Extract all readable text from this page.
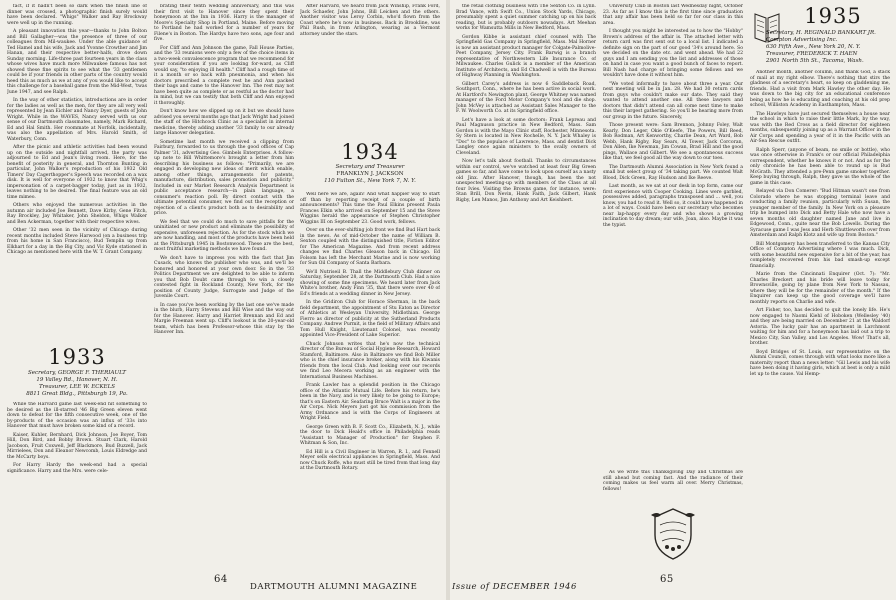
fact, if it hadn't been so dark when the finish line of dinner was crossed, a photographic finish surely would have been declared. "Whigs" Walker and Ray Brockway were well up in the running.

A pleasant innovation this year—thanks to John Bolton and Bill Gallagher—was the presence of three of our colleagues from Mil-waukee. Under the able guidance of Ted Hamel and his wife, Jack and Yvonne Crowther and Jim Hanan, and their respective better-halfs, drove down Sunday morning. Life-three past fourteen years in the class whose wives have much more Milwaukee famous has not showed these fine spirits to see what the '33 gentlemen could be if your friends in other parts of the country would heed this as much as we at any of you would like to accept this challenge for a baseball game from the Mid-West, 'twas June 1947, and see Ralph.

In the way of other statistics, introductions are in order for the ladies as well as the men, for they are all very well represented by Jean Eichler and Nancy Dyer, guests of John Wright. While in the WAVES, Nancy served with us our sense of our Dartmouth classmates, namely, Mark Richard, Ed and Hal Smith. Her roommate at Norfolk, incidentally, was also the appellation of Mrs. Harold Smith, of Waterbury, Conn.

After the picnic and athletic activities had been wound up on the outside and nightfall arrived, the party was adjourned to Ed and Jean's living room. Here, for the benefit of posterity in general, and Thornton Bunting in particular, John Walker's reproduction of his 1932 Old Timers' Day Cagerthopper's Speech was recorded on a wax disk. It is well for everyone of 1932 to know that Whig's impersonation of a carpet-bagger today, just as in 1932, leaves nothing to be desired. The final feature was an old time mimeo.

Others who enjoyed the numerous activities in the autumn air included Joe Bennett, Dave Kirby, Gene Fitch, Ray Brockley, Jay Whitaker, John Sheldon, Whigs Walker and Ben Ackerman, together with their respective wives.

Other '32 men seen in the vicinity of Chicago during recent months included Steve Harwood (on a business trip from his home in San Francisco), Bud Templin up from Elkhart for a day in the Big City, and Vic Kyde stationed in Chicago as mentioned here with the W. T. Grant Company.

1933
Secretary, GEORGE F. THERIAULT
19 Valley Rd., Hanover, N. H.
Treasurer, LEE W. ECKELS
8811 Great Bldg., Pittsburgh 19, Pa.

While the Harvard game last week-end hit something to be desired as the ill-starred '46 Big Green eleven went down to defeat for the fifth consecutive week, one of the by-products of the occasion was an influx of '33s into Hanover that must have broken some kind of a record.

Kaiser, Kuhler, Bernhard, Dick Johnson, Joe Boyer, Tom Hill, Don Bird, and Bobby Brown. Stuart Clark, Harold Jacobson, Fruit Coxwell, Jeff Blackmore, Bud Buzzell, Jack Mirrielees, Don and Eleanor Newcomb, Louis Eldredge and the McCarty boys.

For Harry Hardy the week-end had a special significance. Harry and the Mrs. were cele-

brating their tenth wedding anniversary, and this was their first visit to Hanover since they spent their honeymoon at the Inn in 1936. Harry is the manager of Moore's Specialty Shop in Portland, Maine. Before moving to Portland he had worked for a number of years for Filene's in Boston. The Hardys have two sons, age four and five.

For Cliff and Ann Johnson the game, Fall House Parties, and the '33 reunions were only a few of the choice items in a two-week convalescence program that we recommend for your consideration if you are looking for-ward, as Cliff would say, "to enjoying ill health." Cliff had a rough time of it a month or so back with pneumonia, and when his doctors prescribed a complete rest he and Ann packed their bags and came to the Hanover Inn. The rest may not have been quite as complete or as restful as the doctor had in mind, but we can testify that both Cliff and Ann enjoyed it thoroughly.

Don't know how we slipped up on it but we should have advised you several months ago that Jack Wright had joined the staff of the Hitchcock Clinic as a specialist in internal medicine, thereby adding another '33 family to our already large Hanover delegation.

Sometime last month we received a clipping from Fairbury, forwarded to us through the good offices of Cap Palmer '31, advertising Geo. Gimbels Enterprises. A follow-up note to Bill Whittemore's brought a letter from him describing his business as follows: "Primarily, we are engaged in developing new ideas of merit which enable, among other things, arrangements for patents, manufacture, distribution, sales promotion and publicity." Included in our Market Research Analysis Department is public acceptance research—in plain language, a consumer's reaction poll. By direct contact with the ultimate potential consumer, we find out the reception or rejection of a client's product both as to desirability and price.

We feel that we could do much to save pitfalls for the uninitiated or new product and eliminate the possibility of expensive, unforeseen rejection. As for the stock which we are now handling, and most of the products have been held at the Pittsburgh 1945 in Bostonwood. These are the best, most fruitful marketing methods we have found.

We don't have to impress you with the fact that Jim Cusack, who knows the publisher who was, and we'll be honored and honored at your own door. So in the '33 Politics Department we are delighted to be able to inform you that Bob Doubt came through to win a closely contested fight in Rockland County, New York, for the position of County Judge, Surrogate and Judge of the Juvenile Court.

In case you've been working by the last one we've made in the blurb, Harry Stevens and Bill Wise and the way out for the Hanover. Harry and Harriet Brennan and Ed and Margie Freeman went up. Cliff's lookout is the 20-year-old team, which has been Professor-whose this stay by the Hanover Inn.

1934
Secretary and Treasurer
FRANKLYN J. JACKSON
110 Fulton St., New York 7, N. Y.

After Harvard, we heard from Jack Winship, Frank Ford, Jack Schaefer, John Johns, Bill Leicken and the others. Another visitor was Leroy Corbin, who'd flown from the Coast where he's now in business. Back in Brookline, was Phil Rush, in from Arlington, wearing as a Vermont attorney under the stars.

Well here we are, again! And what happier way to start off than by reporting receipt of a couple of birth announcements? This time the Paul Elkins present Paula Frances Elkin who arrived on September 15 and the Steve Wiggins herald the appearance of Stephen Christopher Wiggins III on September 23. Good work, fellows.

Over on the ever-shifting job front we find Bud Hart back in the news. As of mid-October the name of William B. Sexton coupled with the distinguished title, Fiction Editor for The American Magazine. And from recent address changes we find Charles Gleason back in Chicago. Ed Folsom has left the Merchant Marine and is now working for Sun Oil Company of Santa Barbara.

We'll Nutriseil B. Thall the Middlebury Club dinner on Saturday, September 28, at the Dartmouth Club. Had a nice showing of some fine specimens. We heard later from Jack White's brother, Andy Finn '35, that there were over 40 of Ed's friends at a wedding dinner in New Jersey.

In the Gridiron Club for Horace Sherman, in the back field department, the appointment of Stu Eaton as Director of Athletics at Wesleyan University, Midlothian. George Fierro as director of publicity at the Sutherland Products Company. Andrew Purmit, is the field of Military Affairs and Tom Hull Knight, Lieutenant Colonel, was recently appointed Vice-President of Lake Superior.

Chuck Johnson writes that he's now the technical director of the Bureau of Social Hygiene Research, Howard Stamford, Baltimore. Also in Baltimore we find Bob Miller who is the chief insurance broker, along with his Kiwanis friends from the local Club. And looking over our records we find Leo Mecera working as an engineer with the International Business Machines.

Frank Lawler has a splendid position in the Chicago office of the Atlantic Mutual Life. Before his return, he's been in the Navy, and is very likely to be going to Europe; that's on Eastern Air. Seafaring Bruce Walt is a major in the Air Corps. Nick Meyers just got his commission from the Army Ordnance and is with the Corps of Engineers at Wright Field.

George Green with B. F. Scott Co., Elizabeth, N. J., while the door to Dick Heald's office in Philadelphia reads "Assistant to Manager of Production" for Stephen F. Whitman & Son, Inc.

Ed Hill is a Civil Engineer in Warren, R. I., and Fennell Meyer sells electrical appliances in Springfield, Mass. And now Chuck Roffe, who must still be tired from that long day at the Dartmouth Rotary.

64
DARTMOUTH ALUMNI MAGAZINE

the retail clothing business with The Sexton Co. in Lynn. Brad Vance, with Swift Co., Union Stock Yards, Chicago, presumably spent a quiet summer catching up on his back reading, but is probably outdoors nowadays. Art Meehan works for Wamsutta Mills in New Bedford, Mass.

Gordon Kibbe is assistant chief counsel with The Springfield Gas Company in Springfield, Mass. Mal Horner is now an assistant product manager for Colgate-Palmolive-Peet Company, Jersey City. Frank Barwig is a branch representative of Northwestern Life Insurance Co. of Milwaukee. Charles Gulick is a member of the American Institute of Architects, and Ed Chadwell is with the Bureau of Highway Planning in Washington.

Gilbert Carey's address is now 6 Saddleback Road, Southport, Conn., where he has been active in social work. At Hartford's Newington plant, George Whitney was named manager of the Ford Motor Company's tool and die shop. John McVey is attached as Assistant Sales Manager to the F. W. Woolworth Co. at its Springfield office.

Let's have a look at some doctors: Frank Lepreau and Paul Magnuson practice in New Bedford, Mass. Sam Gordon is with the Mayo Clinic staff, Rochester, Minnesota. Sy Stern is located in New Rochelle, N. Y. Jack Whaley is "Doc" to the populace of Lawrence, Mass. and dentist Dick Langley once again ministers to the ovally owners of Cleveland.

Now let's talk about football. Thanks to circumstances within our control, we've watched at least four Big Green games so far, and have come to look upon ourself as a nasty old Jinx. After Hanover, though, has been the not unexpected meeting-up with members of the Class at all four Ivies. Visiting the Browns game, for instance, were: Stan Brill, Don Nevin, Hank Faith, Jack Gilbert, Hank Rigby, Len Manos, Jim Anthony and Art Keishbert.

University Club in Boston last Wednesday night, October 23. As far as I know this is the first time since graduation that any affair has been held so far for our class in this area.

I thought you might be interested as to how the "Hobby" Brown's address of the affair is. The attached letter with return card was first sent out to a local list. I indicated a definite sign on the part of our good '34's around here. So we decided on the date etc. and went ahead. We had 22 guys and I am sending you the list and addresses of those on hand in case you want a good bunch of faces to report. Bill Nash had charge of bringing some fellows and we wouldn't have done it without him.

"We voted informally to have about three a year. Our next meeting will be in Jan. 28. We had 30 return cards from guys who couldn't make our date. They said they wanted to attend another one. All these lawyers and doctors that didn't attend can all come next time to make this their largest gathering. So you'll be hearing more from our group in the future. Sincerely,

Those present were: Sam Brennon, Johnny Foley, Walt Kearly, Don Leger, Okie O'Keefe, The Powers, Bill Reed, Bob Rodman, Art Kenworthy, Charlie Dean, Art Ward, Bob Webb, Hank Rigby, Ray Sears, Al Tower, Jack Corcoran, Don Allen, Ike Newman, Jim Cowan, Brad Hill and the good pings, Wallace and Gilbert. We see a spontaneous success like that, we feel good all the way down to our toes.

The Dartmouth Alumni Association in New York found a small but select group of '34 taking part. We counted Walt Blood, Dick Green, Ray Hudson and Ike Reeve.

Last month, as we sat at our desk in top form, came our first experience with Cooper Cooking. Lines were garbled, possessives added, paragraphs transposed and ... well, you know, you had to read it. Well so, it could have happened in a lot of ways. Could have been our secretary who becomes near lap-happy every day and who shows a growing inclination to day dream; our wife, Joan, also. Maybe it was the typist.

As we write this Thanksgiving Day and Christmas are still ahead but coming fast. And the radiance of their coming makes us feel warm all over. Merry Christmas, fellows!

1935
Secretary, H. REGINALD BANKART JR.
Compton Advertising Inc.
630 Fifth Ave., New York 20, N. Y.
Treasurer, FREDERICK T. HAEN
2901 North 5th St., Tacoma, Wash.

Another month, another column, and thank God, a stack of mail at my right elbow. There's nothing that stirs the gladness of a secretary's heart, so keep on gladdening me, friends. Had a visit from Mark Hawley the other day. He was down to the big city for an educational conference being as how he is educating and coaching at his old prep school, Williston Academy in Easthampton, Mass.

The Hawleys have just secured themselves a house near the school in which to raise their little Mark, by the way, was with the Red Cross as a field director for eighteen months, subsequently joining up as a Warrant Officer in the Air Corps and spending a year of it in the Pacific with an Air-Sea Rescue outfit.

Ralph Sperr, (anyone of beam, no smile or bottle), who was once otherwise in Frank's or our official Philadelphia correspondent, whether he knows it or not. And as for the only chronicle he has been able to round up is Bud McGrath. They attended a pre-Penn game smoker together. Keep buying through, Ralph, they gave us the whole of the game in this case.

Relayed via Don Comerer: "Bud Hitman wasn't one from Colorado where he was stopping terminal leave and conducting a family reunion, particularly with Susan, the younger member of the family. In New York on a pleasure trip he bumped into Dick and Betty Hale who now have a seven months old daughter named Jane and live in Edgewood, Conn., quite near the Bob Lowells. During the Syracuse game I was Jess and Herb Shuttleworth over from Amsterdam and Ralph Klotz and wife up from Boston."

Bill Montgomery has been transferred to the Kansas City Office of Compton Advertising where I was much. Dick, with some beautiful new expensive for a bit of the year, has completely recovered from his bad smash-up except financially.

Marie from the Cincinnati Enquirer (Oct. 7): "Mr. Charles Breckert and his bride will leave today for Brownsville, going by plane from New York to Nassau, where they will be for the remainder of the month." If the Enquirer can keep up the good coverage we'll have monthly reports on Charlie and wife.

Art Fisher, too, has decided to quit the lonely life. He's now engaged to Naomi Kiehl of Hoboken (Wellesley '40) and they are being married on December 21 at the Waldorf Astoria. The lucky pair has an apartment in Larchmont waiting for him and for a honeymoon has laid out a trip to Mexico City, San Valley, and Los Angeles. Wow! That's all, brother.

Boyd Bridges of St. Louis, our representative on the Alumni Council, comes through with what looks more like a maternity report than a news letter: "Gil Lewis and his wife have been doing it having girls, which at best is only a mild let up to the cause. Val Hemp-

Issue of DECEMBER 1946
65
